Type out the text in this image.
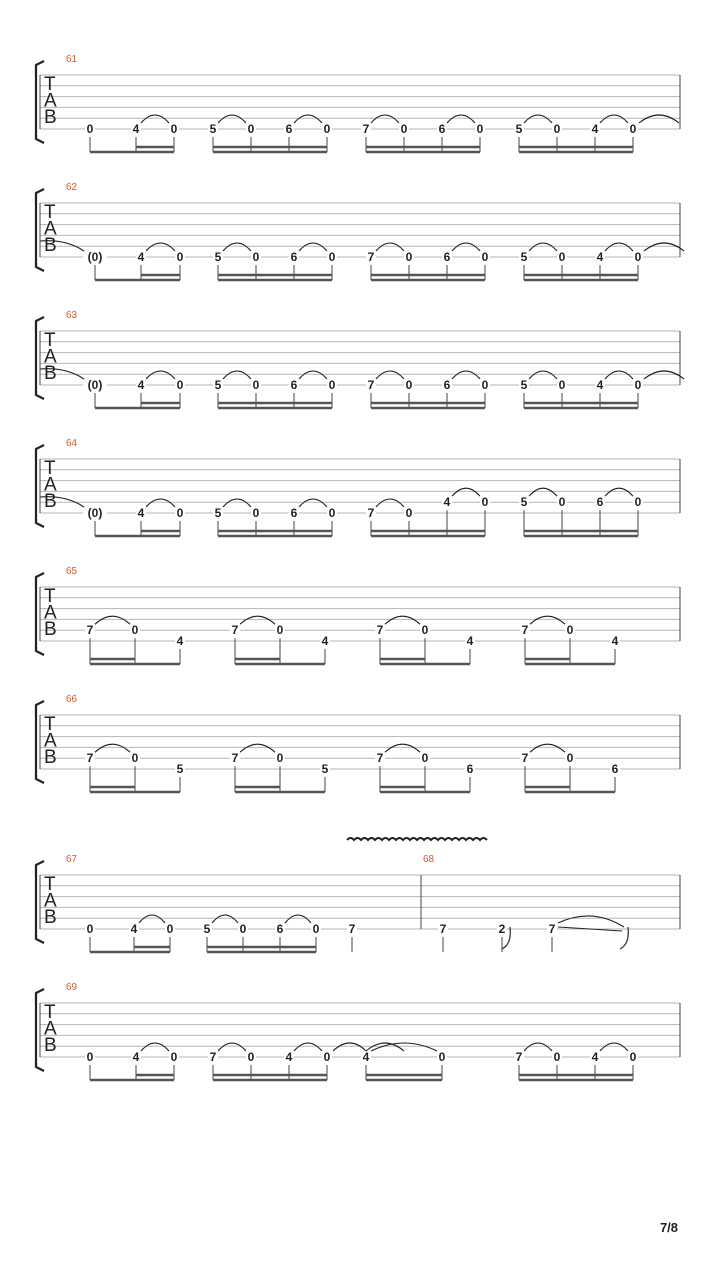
T
A
B
61
0	4	0	5	0	6	0	7	0	6	0	5	0	4	0
T
A
B
62
(0)	4	0	5	0	6	0	7	0	6	0	5	0	4	0
T
A
B
63
(0)	4	0	5	0	6	0	7	0	6	0	5	0	4	0
T
A
B
64
(0)	4	0	5	0	6	0	7	0
4	0	5	0	6	0
T
A
B
65
7	0
4
7	0
4
7	0
4
7	0
4
T
A
B
66
7	0
5
7	0
5
7	0
6
7	0
6
T
A
B
67	68
0	4 0	5 0	6 0 7	7	2	7
T
A
B
69
0	4	0	7	0	4	0	4	0	7	0	4	0
7/8
